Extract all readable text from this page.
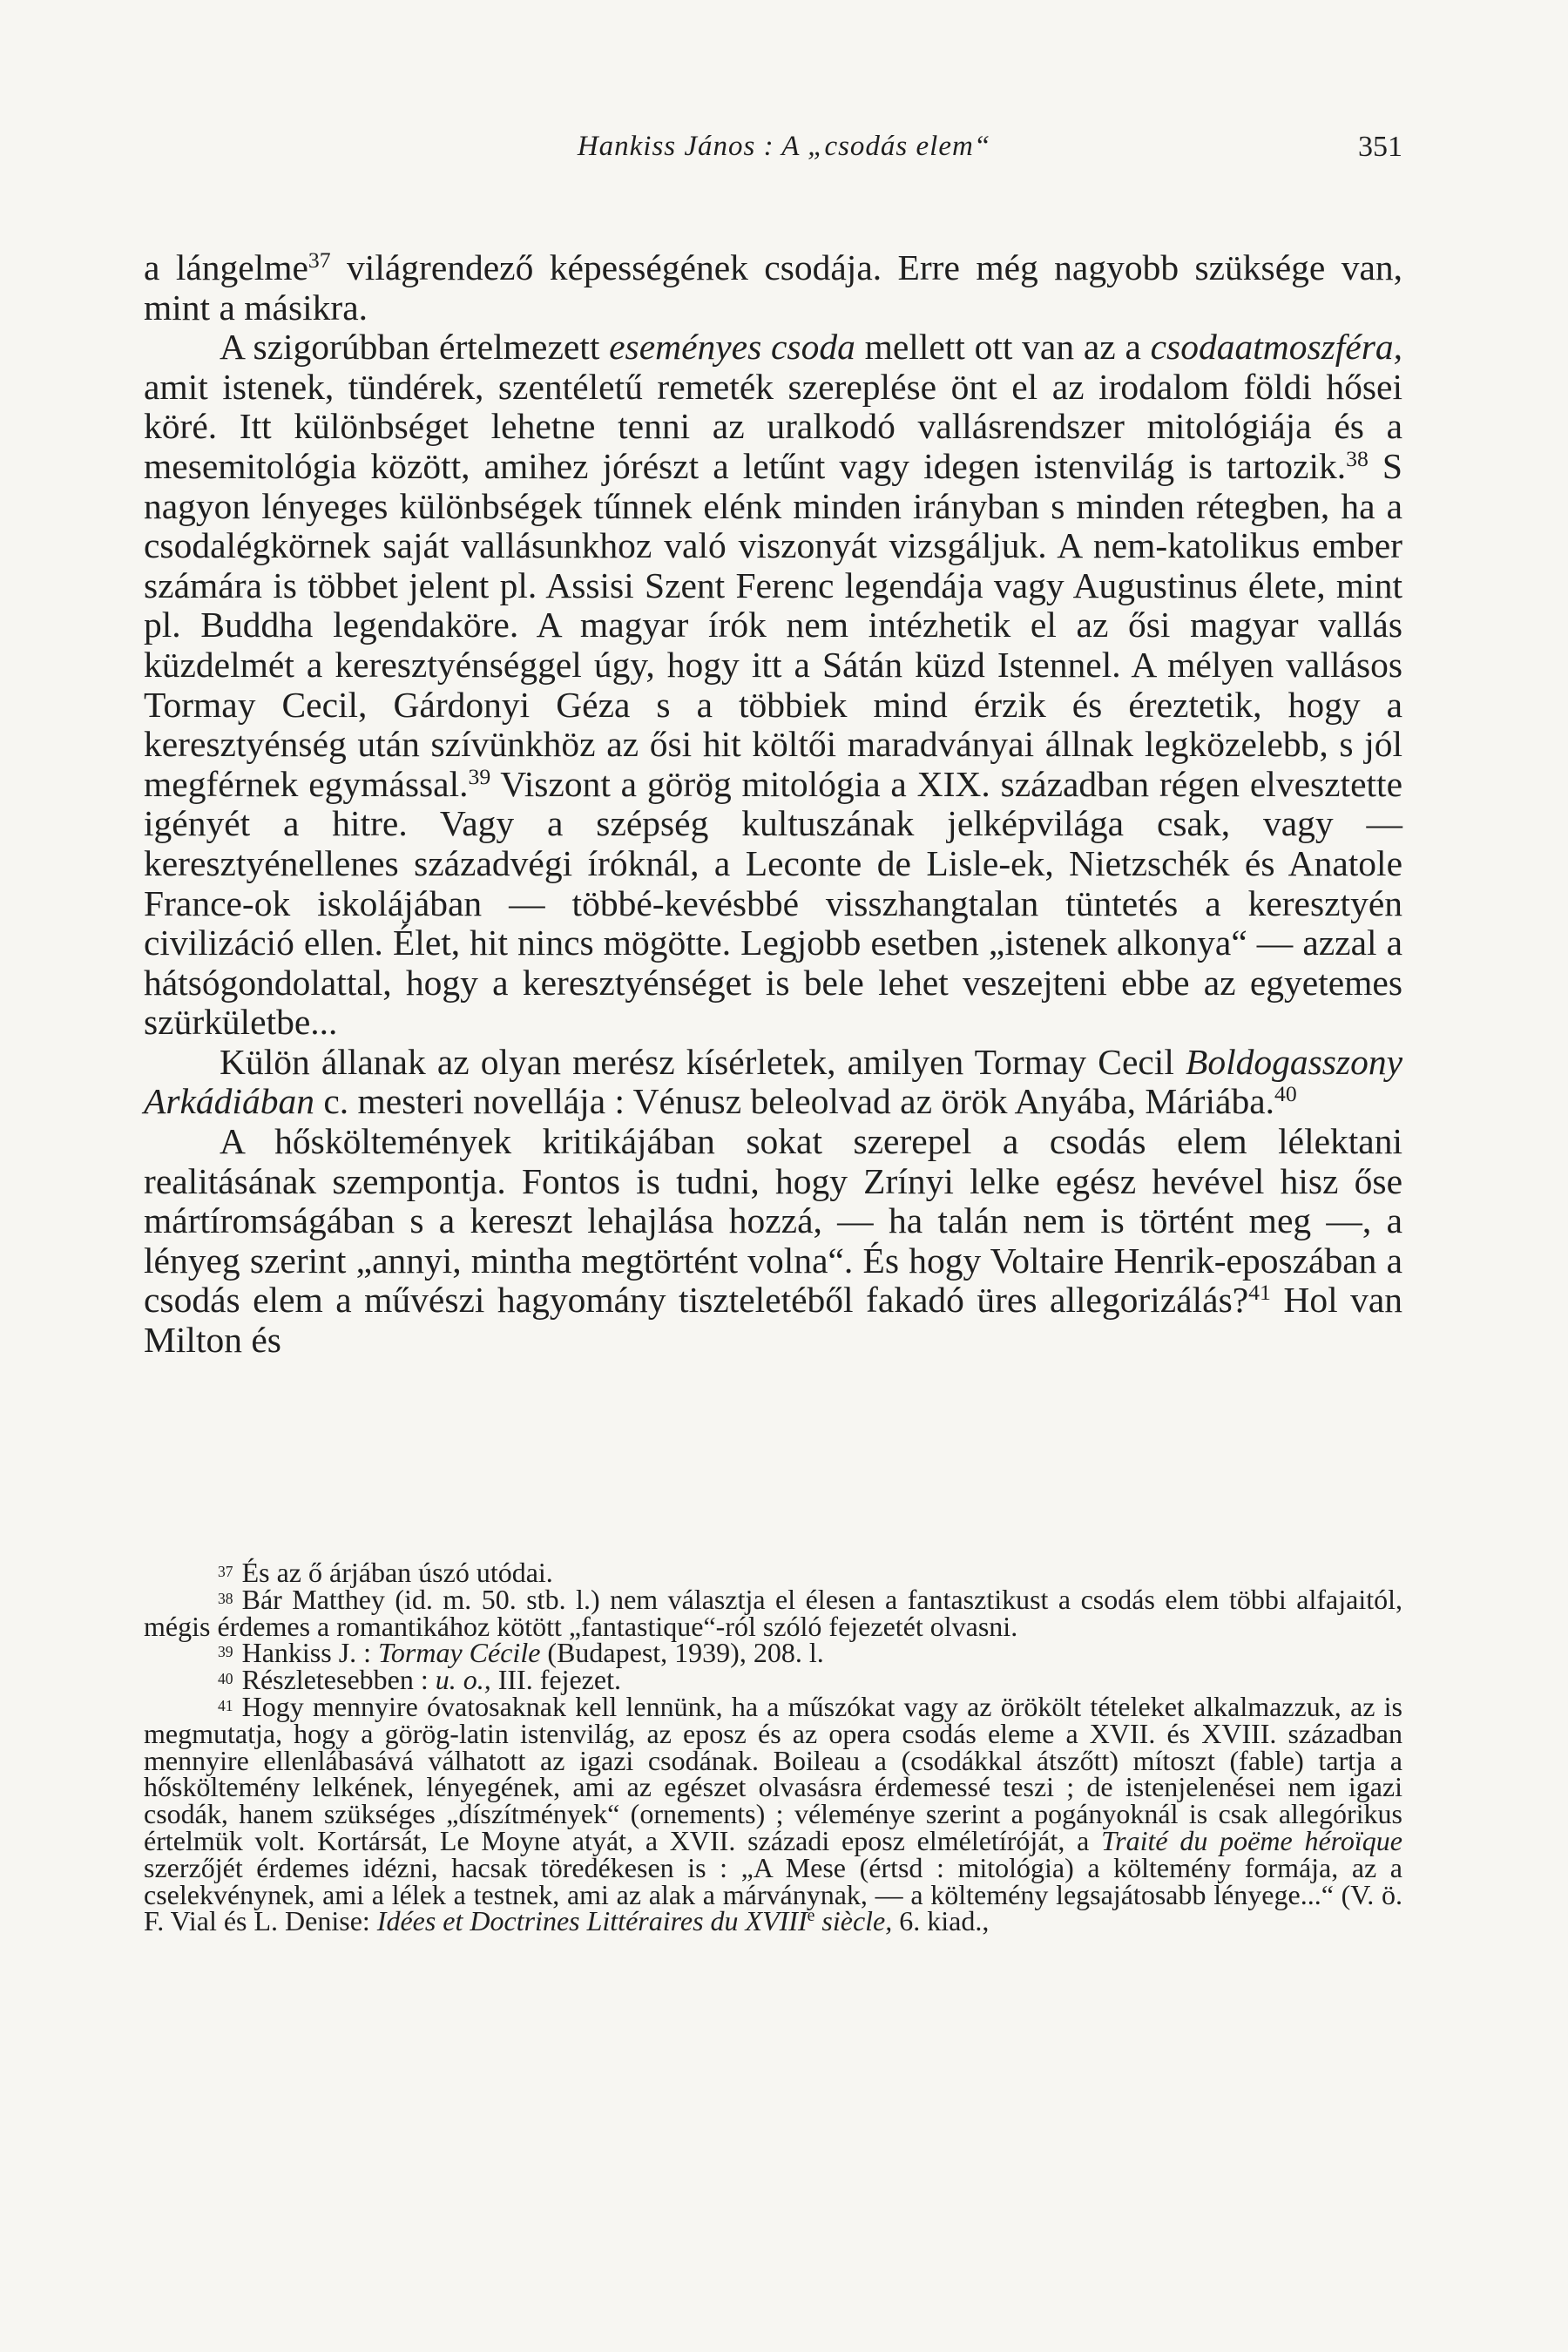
Hankiss János : A „csodás elem“	351

a lángelme$^{37}$ világrendező képességének csodája. Erre még nagyobb szüksége van, mint a másikra.

A szigorúbban értelmezett eseményes csoda mellett ott van az a csodaatmoszféra, amit istenek, tündérek, szentéletű remeték szereplése önt el az irodalom földi hősei köré. Itt különbséget lehetne tenni az uralkodó vallásrendszer mitológiája és a mesemitológia között, amihez jórészt a letűnt vagy idegen istenvilág is tartozik.$^{38}$ S nagyon lényeges különbségek tűnnek elénk minden irányban s minden rétegben, ha a csodalégkörnek saját vallásunkhoz való viszonyát vizsgáljuk. A nem-katolikus ember számára is többet jelent pl. Assisi Szent Ferenc legendája vagy Augustinus élete, mint pl. Buddha legendaköre. A magyar írók nem intézhetik el az ősi magyar vallás küzdelmét a keresztyénséggel úgy, hogy itt a Sátán küzd Istennel. A mélyen vallásos Tormay Cecil, Gárdonyi Géza s a többiek mind érzik és éreztetik, hogy a keresztyénség után szívünkhöz az ősi hit költői maradványai állnak legközelebb, s jól megférnek egymással.$^{39}$ Viszont a görög mitológia a XIX. században régen elvesztette igényét a hitre. Vagy a szépség kultuszának jelképvilága csak, vagy — keresztyénellenes századvégi íróknál, a Leconte de Lisle-ek, Nietzschék és Anatole France-ok iskolájában — többé-kevésbbé visszhangtalan tüntetés a keresztyén civilizáció ellen. Élet, hit nincs mögötte. Legjobb esetben „istenek alkonya“ — azzal a hátsógondolattal, hogy a keresztyénséget is bele lehet veszejteni ebbe az egyetemes szürkületbe...

Külön állanak az olyan merész kísérletek, amilyen Tormay Cecil Boldogasszony Arkádiában c. mesteri novellája : Vénusz beleolvad az örök Anyába, Máriába.$^{40}$

A hősköltemények kritikájában sokat szerepel a csodás elem lélektani realitásának szempontja. Fontos is tudni, hogy Zrínyi lelke egész hevével hisz őse mártíromságában s a kereszt lehajlása hozzá, — ha talán nem is történt meg —, a lényeg szerint „annyi, mintha megtörtént volna“. És hogy Voltaire Henrik-eposzában a csodás elem a művészi hagyomány tiszteletéből fakadó üres allegorizálás?$^{41}$ Hol van Milton és

37 És az ő árjában úszó utódai.

38 Bár Matthey (id. m. 50. stb. l.) nem választja el élesen a fantasztikust a csodás elem többi alfajaitól, mégis érdemes a romantikához kötött „fantastique“-ról szóló fejezetét olvasni.

39 Hankiss J. : Tormay Cécile (Budapest, 1939), 208. l.

40 Részletesebben : u. o., III. fejezet.

41 Hogy mennyire óvatosaknak kell lennünk, ha a műszókat vagy az örökölt tételeket alkalmazzuk, az is megmutatja, hogy a görög-latin istenvilág, az eposz és az opera csodás eleme a XVII. és XVIII. században mennyire ellenlábasává válhatott az igazi csodának. Boileau a (csodákkal átszőtt) mítoszt (fable) tartja a hősköltemény lelkének, lényegének, ami az egészet olvasásra érdemessé teszi ; de istenjelenései nem igazi csodák, hanem szükséges „díszítmények“ (ornements) ; véleménye szerint a pogányoknál is csak allegórikus értelmük volt. Kortársát, Le Moyne atyát, a XVII. századi eposz elméletíróját, a Traité du poëme héroïque szerzőjét érdemes idézni, hacsak töredékesen is : „A Mese (értsd : mitológia) a költemény formája, az a cselekvénynek, ami a lélek a testnek, ami az alak a márványnak, — a költemény legsajátosabb lényege...“ (V. ö. F. Vial és L. Denise: Idées et Doctrines Littéraires du XVIIIe siècle, 6. kiad.,
